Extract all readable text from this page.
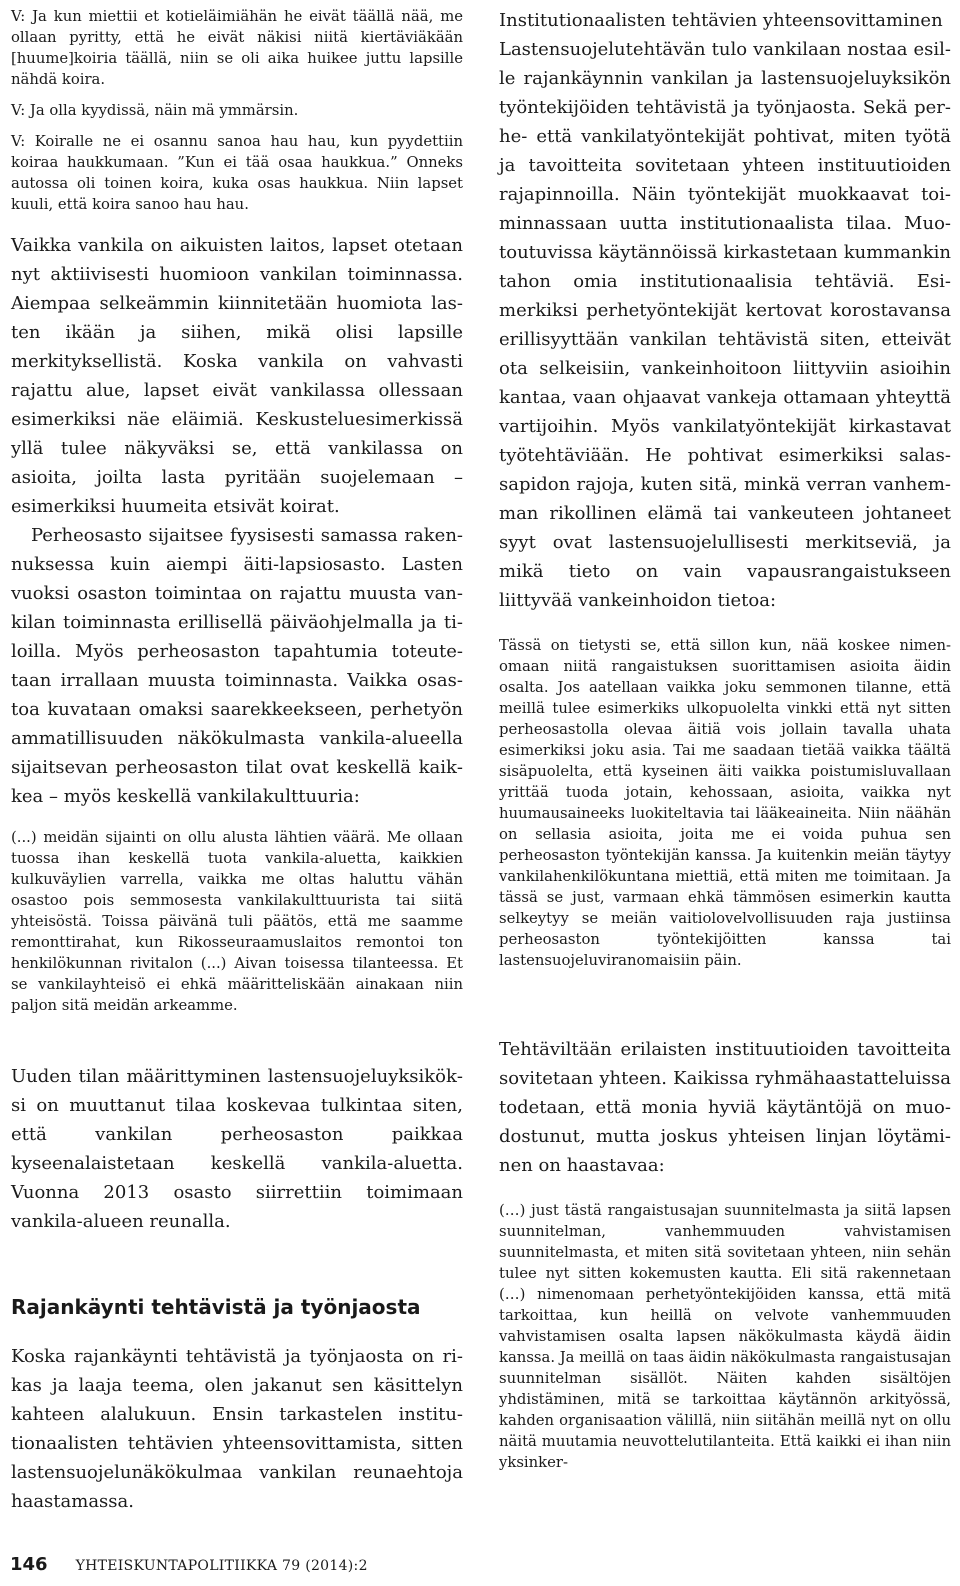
V: Ja kun miettii et kotieläimiähän he eivät täällä nää, me ollaan pyritty, että he eivät näkisi niitä kiertäviäkään [huume]koiria täällä, niin se oli aika huikee juttu lapsille nähdä koira.

V: Ja olla kyydissä, näin mä ymmärsin.

V: Koiralle ne ei osannu sanoa hau hau, kun pyydettiin koiraa haukkumaan. ”Kun ei tää osaa haukkua.” Onneks autossa oli toinen koira, kuka osas haukkua. Niin lapset kuuli, että koira sanoo hau hau.

Vaikka vankila on aikuisten laitos, lapset otetaan nyt aktiivisesti huomioon vankilan toiminnassa. Aiempaa selkeämmin kiinnitetään huomiota lasten ikään ja siihen, mikä olisi lapsille merkityksellistä. Koska vankila on vahvasti rajattu alue, lapset eivät vankilassa ollessaan esimerkiksi näe eläimiä. Keskusteluesimerkissä yllä tulee näkyväksi se, että vankilassa on asioita, joilta lasta pyritään suojelemaan – esimerkiksi huumeita etsivät koirat.

Perheosasto sijaitsee fyysisesti samassa rakennuksessa kuin aiempi äiti-lapsiosasto. Lasten vuoksi osaston toimintaa on rajattu muusta vankilan toiminnasta erillisellä päiväohjelmalla ja tiloilla. Myös perheosaston tapahtumia toteutetaan irrallaan muusta toiminnasta. Vaikka osastoa kuvataan omaksi saarekkeekseen, perhetyön ammatillisuuden näkökulmasta vankila-alueella sijaitsevan perheosaston tilat ovat keskellä kaikkea – myös keskellä vankilakulttuuria:

(...) meidän sijainti on ollu alusta lähtien väärä. Me ollaan tuossa ihan keskellä tuota vankila-aluetta, kaikkien kulkuväylien varrella, vaikka me oltas haluttu vähän osastoo pois semmosesta vankilakulttuurista tai siitä yhteisöstä. Toissa päivänä tuli päätös, että me saamme remonttirahat, kun Rikosseuraamuslaitos remontoi ton henkilökunnan rivitalon (...) Aivan toisessa tilanteessa. Et se vankilayhteisö ei ehkä määritteliskään ainakaan niin paljon sitä meidän arkeamme.

Uuden tilan määrittyminen lastensuojeluyksiköksi on muuttanut tilaa koskevaa tulkintaa siten, että vankilan perheosaston paikkaa kyseenalaistetaan keskellä vankila-aluetta. Vuonna 2013 osasto siirrettiin toimimaan vankila-alueen reunalla.

Rajankäynti tehtävistä ja työnjaosta

Koska rajankäynti tehtävistä ja työnjaosta on rikas ja laaja teema, olen jakanut sen käsittelyn kahteen alalukuun. Ensin tarkastelen institutionaalisten tehtävien yhteensovittamista, sitten lastensuojelunäkökulmaa vankilan reunaehtoja haastamassa.

Institutionaalisten tehtävien yhteensovittaminen

Lastensuojelutehtävän tulo vankilaan nostaa esille rajankäynnin vankilan ja lastensuojeluyksikön työntekijöiden tehtävistä ja työnjaosta. Sekä perhe- että vankilatyöntekijät pohtivat, miten työtä ja tavoitteita sovitetaan yhteen instituutioiden rajapinnoilla. Näin työntekijät muokkaavat toiminnassaan uutta institutionaalista tilaa. Muotoutuvissa käytännöissä kirkastetaan kummankin tahon omia institutionaalisia tehtäviä. Esimerkiksi perhetyöntekijät kertovat korostavansa erillisyyttään vankilan tehtävistä siten, etteivät ota selkeisiin, vankeinhoitoon liittyviin asioihin kantaa, vaan ohjaavat vankeja ottamaan yhteyttä vartijoihin. Myös vankilatyöntekijät kirkastavat työtehtäviään. He pohtivat esimerkiksi salassapidon rajoja, kuten sitä, minkä verran vanhemman rikollinen elämä tai vankeuteen johtaneet syyt ovat lastensuojelullisesti merkitseviä, ja mikä tieto on vain vapausrangaistukseen liittyvää vankeinhoidon tietoa:

Tässä on tietysti se, että sillon kun, nää koskee nimenomaan niitä rangaistuksen suorittamisen asioita äidin osalta. Jos aatellaan vaikka joku semmonen tilanne, että meillä tulee esimerkiks ulkopuolelta vinkki että nyt sitten perheosastolla olevaa äitiä vois jollain tavalla uhata esimerkiksi joku asia. Tai me saadaan tietää vaikka täältä sisäpuolelta, että kyseinen äiti vaikka poistumisluvallaan yrittää tuoda jotain, kehossaan, asioita, vaikka nyt huumausaineeks luokiteltavia tai lääkeaineita. Niin näähän on sellasia asioita, joita me ei voida puhua sen perheosaston työntekijän kanssa. Ja kuitenkin meiän täytyy vankilahenkilökuntana miettiä, että miten me toimitaan. Ja tässä se just, varmaan ehkä tämmösen esimerkin kautta selkeytyy se meiän vaitiolovelvollisuuden raja justiinsa perheosaston työntekijöitten kanssa tai lastensuojeluviranomaisiin päin.

Tehtäviltään erilaisten instituutioiden tavoitteita sovitetaan yhteen. Kaikissa ryhmähaastatteluissa todetaan, että monia hyviä käytäntöjä on muodostunut, mutta joskus yhteisen linjan löytäminen on haastavaa:

(…) just tästä rangaistusajan suunnitelmasta ja siitä lapsen suunnitelman, vanhemmuuden vahvistamisen suunnitelmasta, et miten sitä sovitetaan yhteen, niin sehän tulee nyt sitten kokemusten kautta. Eli sitä rakennetaan (…) nimenomaan perhetyöntekijöiden kanssa, että mitä tarkoittaa, kun heillä on velvote vanhemmuuden vahvistamisen osalta lapsen näkökulmasta käydä äidin kanssa. Ja meillä on taas äidin näkökulmasta rangaistusajan suunnitelman sisällöt. Näiten kahden sisältöjen yhdistäminen, mitä se tarkoittaa käytännön arkityössä, kahden organisaation välillä, niin siitähän meillä nyt on ollu näitä muutamia neuvottelutilanteita. Että kaikki ei ihan niin yksinker-

146 YHTEISKUNTAPOLITIIKKA 79 (2014):2
